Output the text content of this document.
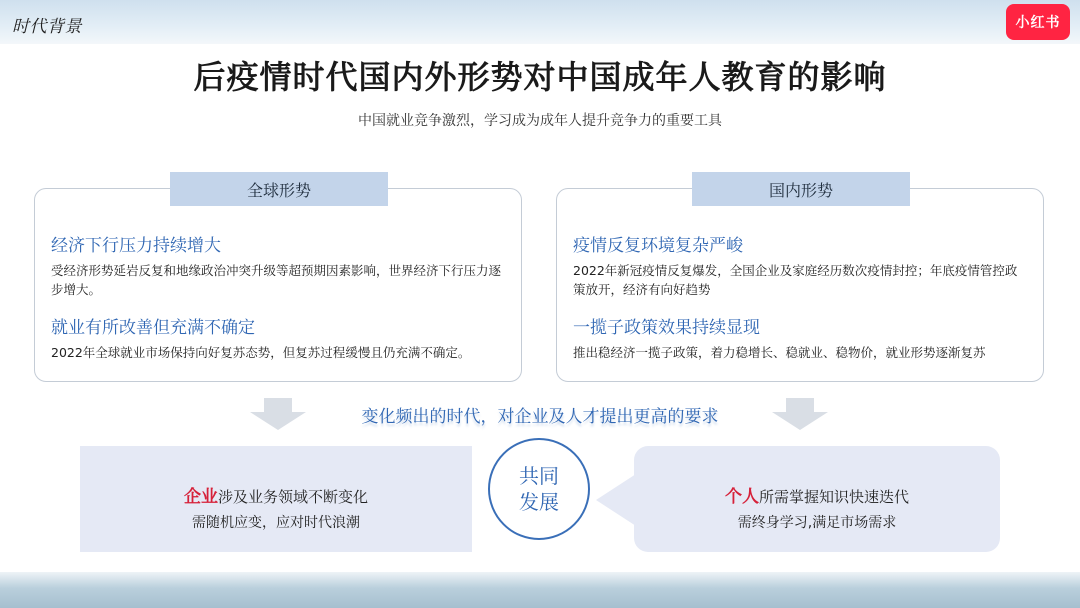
时代背景	小红书
后疫情时代国内外形势对中国成年人教育的影响
中国就业竞争激烈，学习成为成年人提升竞争力的重要工具
经济下行压力持续增大
受经济形势延岩反复和地缘政治冲突升级等超预期因素影响，世界经济下行压力逐步增大。
就业有所改善但充满不确定
2022年全球就业市场保持向好复苏态势，但复苏过程缓慢且仍充满不确定。
全球形势
疫情反复环境复杂严峻
2022年新冠疫情反复爆发，全国企业及家庭经历数次疫情封控；年底疫情管控政策放开，经济有向好趋势
一揽子政策效果持续显现
推出稳经济一揽子政策，着力稳增长、稳就业、稳物价，就业形势逐渐复苏
国内形势
变化频出的时代，对企业及人才提出更高的要求
企业涉及业务领域不断变化
需随机应变，应对时代浪潮
个人所需掌握知识快速迭代
需终身学习,满足市场需求
共同
发展
